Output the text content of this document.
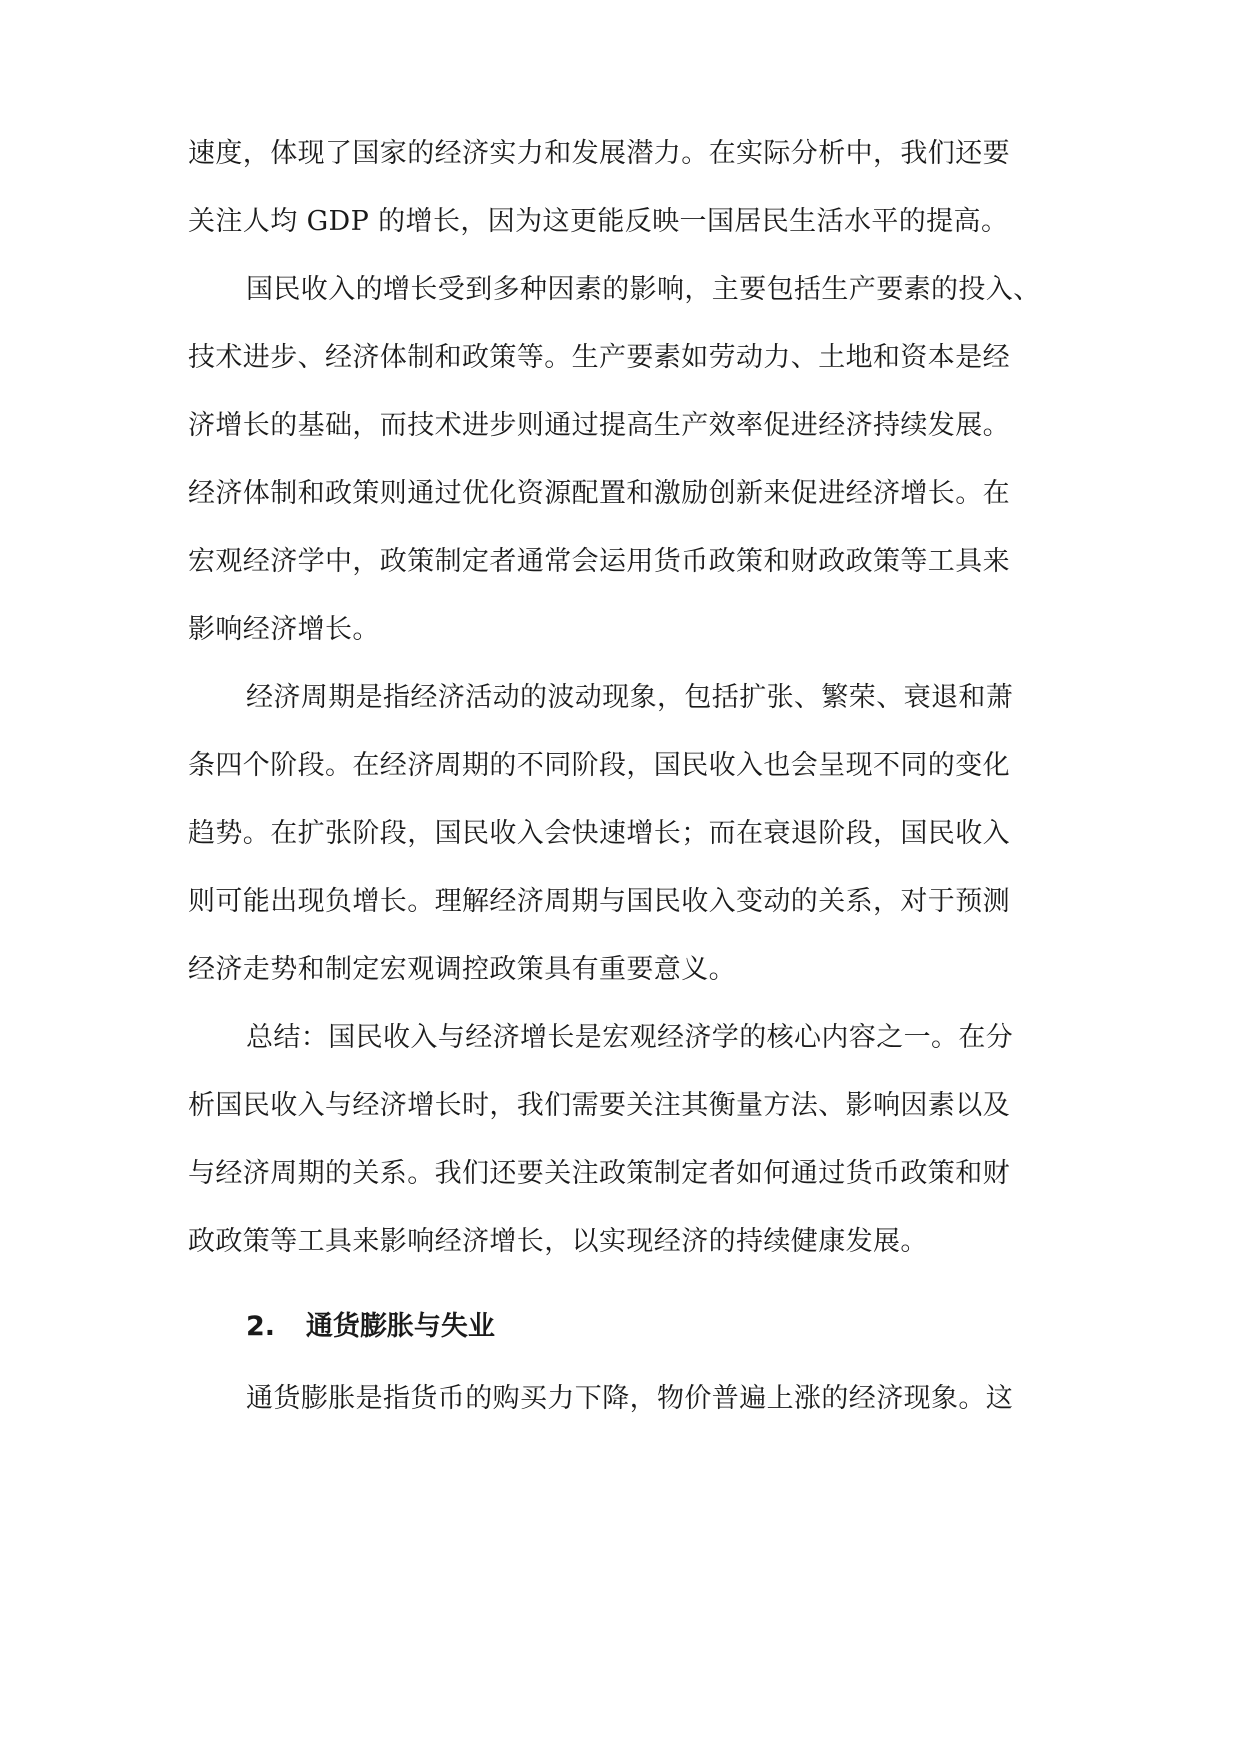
速度，体现了国家的经济实力和发展潜力。在实际分析中，我们还要
关注人均 GDP 的增长，因为这更能反映一国居民生活水平的提高。
国民收入的增长受到多种因素的影响，主要包括生产要素的投入、
技术进步、经济体制和政策等。生产要素如劳动力、土地和资本是经
济增长的基础，而技术进步则通过提高生产效率促进经济持续发展。
经济体制和政策则通过优化资源配置和激励创新来促进经济增长。在
宏观经济学中，政策制定者通常会运用货币政策和财政政策等工具来
影响经济增长。
经济周期是指经济活动的波动现象，包括扩张、繁荣、衰退和萧
条四个阶段。在经济周期的不同阶段，国民收入也会呈现不同的变化
趋势。在扩张阶段，国民收入会快速增长；而在衰退阶段，国民收入
则可能出现负增长。理解经济周期与国民收入变动的关系，对于预测
经济走势和制定宏观调控政策具有重要意义。
总结：国民收入与经济增长是宏观经济学的核心内容之一。在分
析国民收入与经济增长时，我们需要关注其衡量方法、影响因素以及
与经济周期的关系。我们还要关注政策制定者如何通过货币政策和财
政政策等工具来影响经济增长，以实现经济的持续健康发展。
2. 通货膨胀与失业
通货膨胀是指货币的购买力下降，物价普遍上涨的经济现象。这
